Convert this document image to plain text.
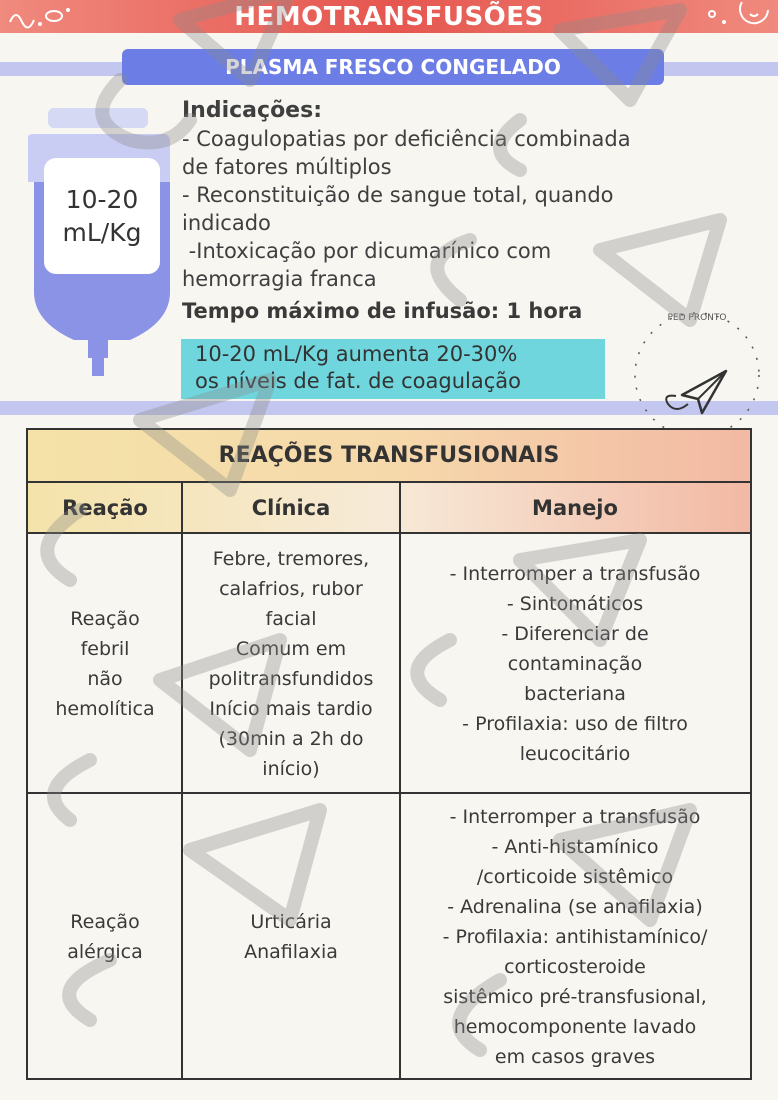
HEMOTRANSFUSÕES
PLASMA FRESCO CONGELADO
10-20
mL/Kg
Indicações:
- Coagulopatias por deficiência combinada
de fatores múltiplos
- Reconstituição de sangue total, quando
indicado
-Intoxicação por dicumarínico com
hemorragia franca
Tempo máximo de infusão: 1 hora
10-20 mL/Kg aumenta 20-30%
os níveis de fat. de coagulação
PED PRONTO
REAÇÕES TRANSFUSIONAIS
Reação	Clínica	Manejo
Reação
febril
não
hemolítica
Febre, tremores,
calafrios, rubor
facial
Comum em
politransfundidos
Início mais tardio
(30min a 2h do
início)
- Interromper a transfusão
- Sintomáticos
- Diferenciar de
contaminação
bacteriana
- Profilaxia: uso de filtro
leucocitário
Reação
alérgica
Urticária
Anafilaxia
- Interromper a transfusão
- Anti-histamínico
/corticoide sistêmico
- Adrenalina (se anafilaxia)
- Profilaxia: antihistamínico/
corticosteroide
sistêmico pré-transfusional,
hemocomponente lavado
em casos graves
